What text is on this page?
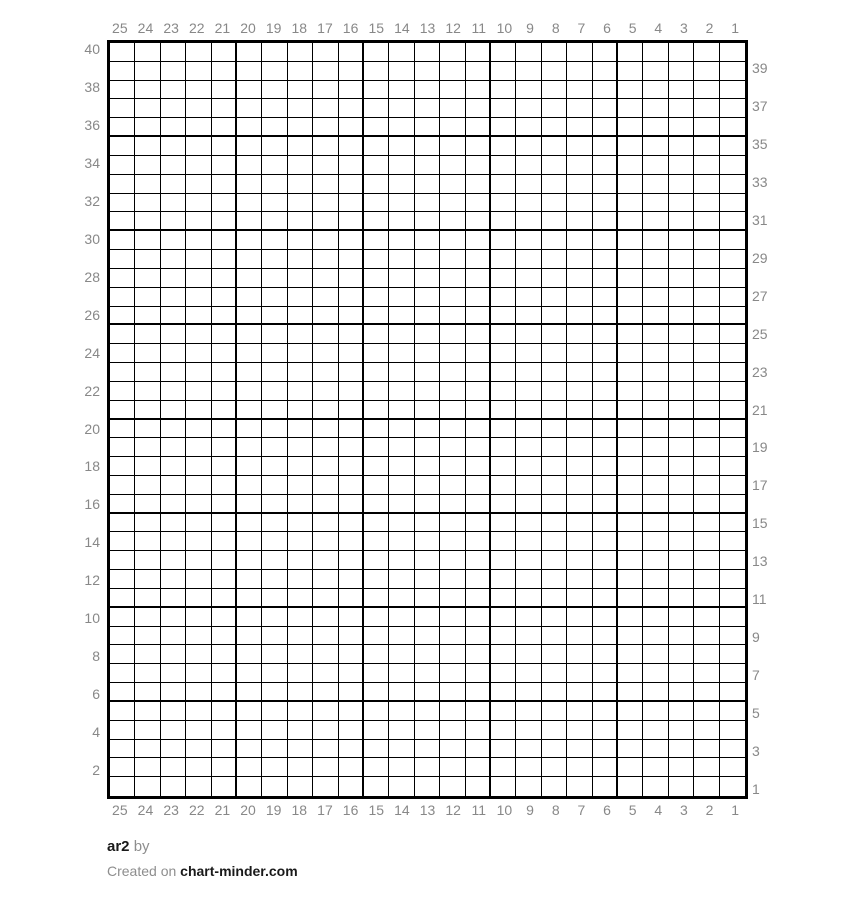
25 24 23 22 21 20 19 18 17 16 15 14 13 12 11 10 9	8	7	6	5	4	3	2	1
40
38
36
34
32
30
28
26
24
22
20
18
16
14
12
10
8
6
4
2
39
37
35
33
31
29
27
25
23
21
19
17
15
13
11
9
7
5
3
1
25 24 23 22 21 20 19 18 17 16 15 14 13 12 11 10 9	8	7	6	5	4	3	2	1
ar2 by
Created on chart-minder.com
